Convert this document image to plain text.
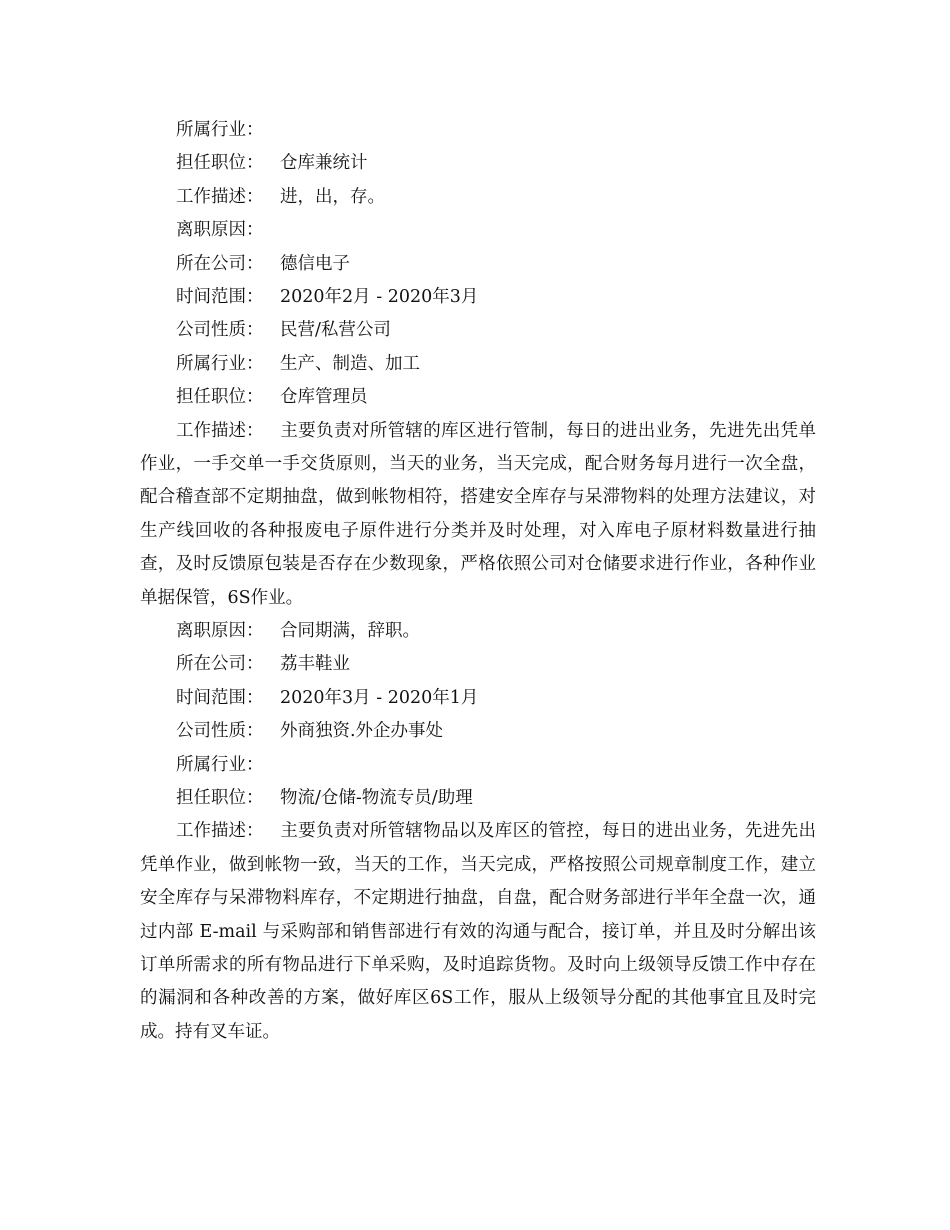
所属行业：
担任职位： 仓库兼统计
工作描述： 进，出，存。
离职原因：
所在公司： 德信电子
时间范围： 2020年2月 - 2020年3月
公司性质： 民营/私营公司
所属行业： 生产、制造、加工
担任职位： 仓库管理员
工作描述： 主要负责对所管辖的库区进行管制，每日的进出业务，先进先出凭单作业，一手交单一手交货原则，当天的业务，当天完成，配合财务每月进行一次全盘，配合稽查部不定期抽盘，做到帐物相符，搭建安全库存与呆滞物料的处理方法建议，对生产线回收的各种报废电子原件进行分类并及时处理，对入库电子原材料数量进行抽查，及时反馈原包装是否存在少数现象，严格依照公司对仓储要求进行作业，各种作业单据保管，6S作业。
离职原因： 合同期满，辞职。
所在公司： 荔丰鞋业
时间范围： 2020年3月 - 2020年1月
公司性质： 外商独资.外企办事处
所属行业：
担任职位： 物流/仓储-物流专员/助理
工作描述： 主要负责对所管辖物品以及库区的管控，每日的进出业务，先进先出凭单作业，做到帐物一致，当天的工作，当天完成，严格按照公司规章制度工作，建立安全库存与呆滞物料库存，不定期进行抽盘，自盘，配合财务部进行半年全盘一次，通过内部 E-mail 与采购部和销售部进行有效的沟通与配合，接订单，并且及时分解出该订单所需求的所有物品进行下单采购，及时追踪货物。及时向上级领导反馈工作中存在的漏洞和各种改善的方案，做好库区6S工作，服从上级领导分配的其他事宜且及时完成。持有叉车证。
